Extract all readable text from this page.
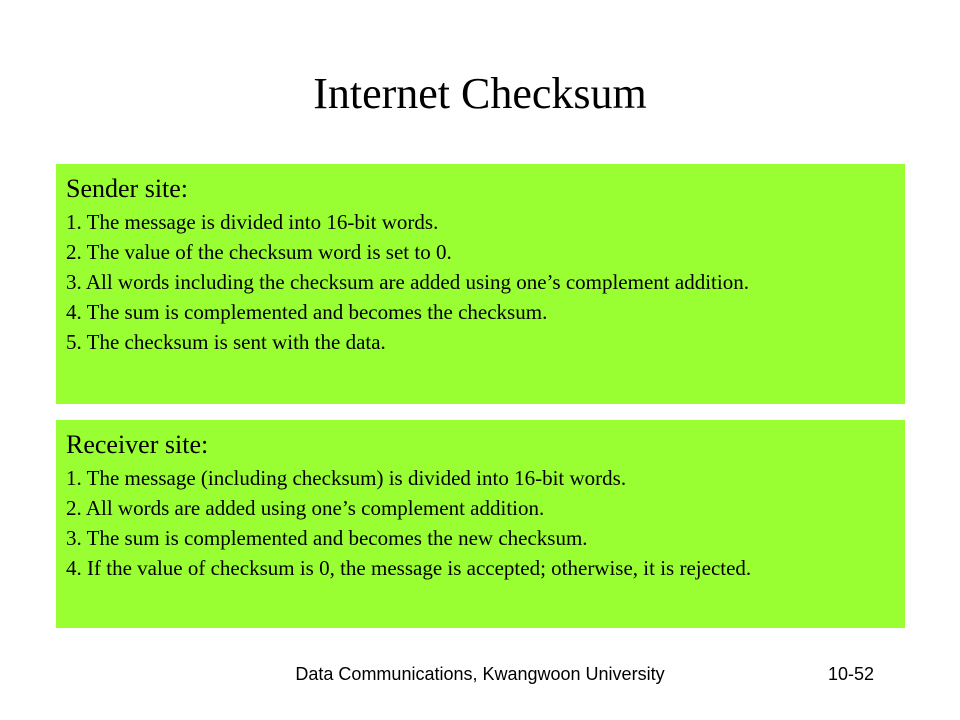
Internet Checksum
Sender site:
1. The message is divided into 16-bit words.
2. The value of the checksum word is set to 0.
3. All words including the checksum are added using one’s complement addition.
4. The sum is complemented and becomes the checksum.
5. The checksum is sent with the data.
Receiver site:
1. The message (including checksum) is divided into 16-bit words.
2. All words are added using one’s complement addition.
3. The sum is complemented and becomes the new checksum.
4. If the value of checksum is 0, the message is accepted; otherwise, it is rejected.
Data Communications, Kwangwoon University	10-52
